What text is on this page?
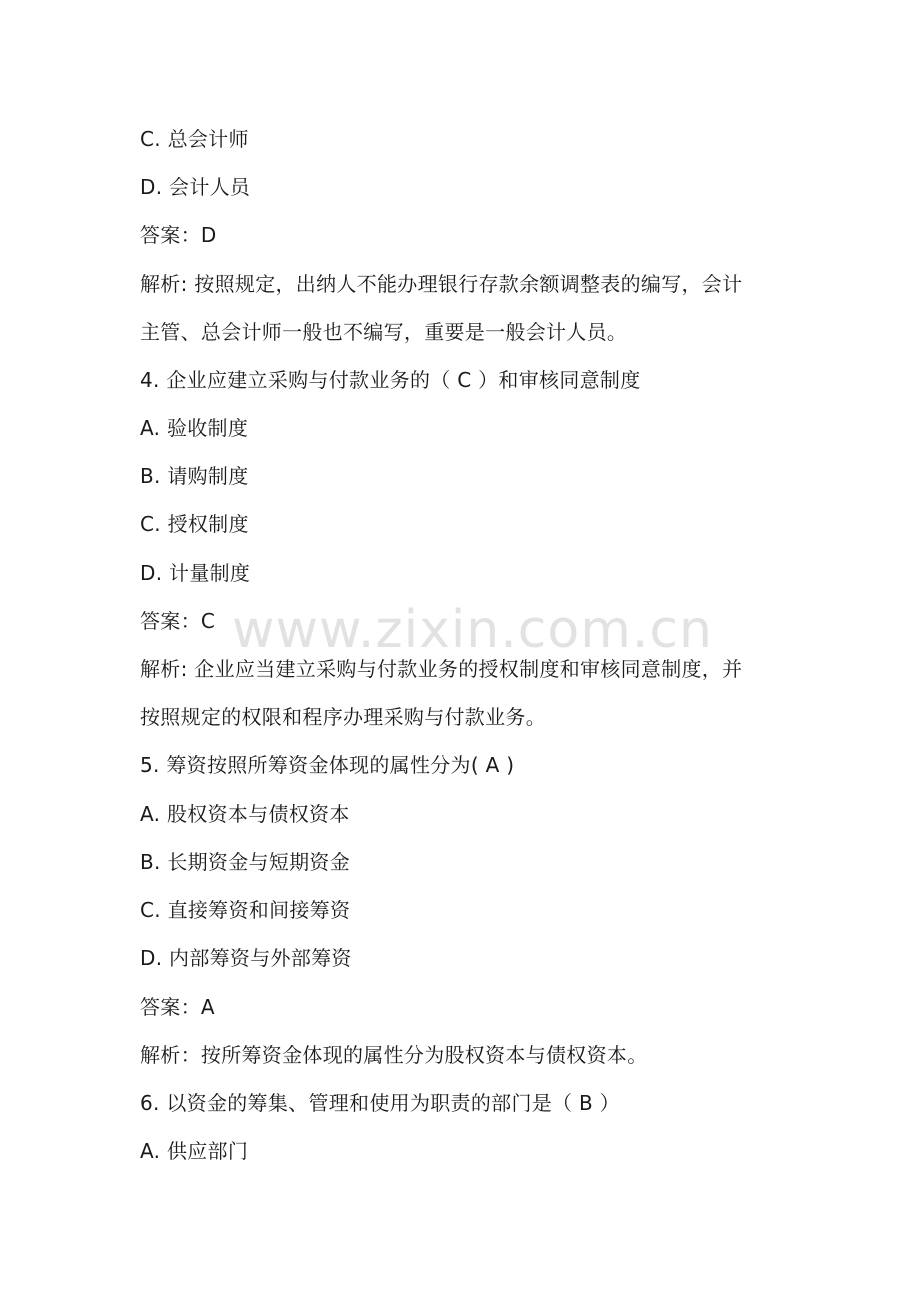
www.zixin.com.cn
C. 总会计师
D. 会计人员
答案：D
解析: 按照规定，出纳人不能办理银行存款余额调整表的编写，会计
主管、总会计师一般也不编写，重要是一般会计人员。
4. 企业应建立采购与付款业务的（ C ）和审核同意制度
A. 验收制度
B. 请购制度
C. 授权制度
D. 计量制度
答案：C
解析: 企业应当建立采购与付款业务的授权制度和审核同意制度，并
按照规定的权限和程序办理采购与付款业务。
5. 筹资按照所筹资金体现的属性分为( A )
A. 股权资本与债权资本
B. 长期资金与短期资金
C. 直接筹资和间接筹资
D. 内部筹资与外部筹资
答案：A
解析：按所筹资金体现的属性分为股权资本与债权资本。
6. 以资金的筹集、管理和使用为职责的部门是（ B ）
A. 供应部门
